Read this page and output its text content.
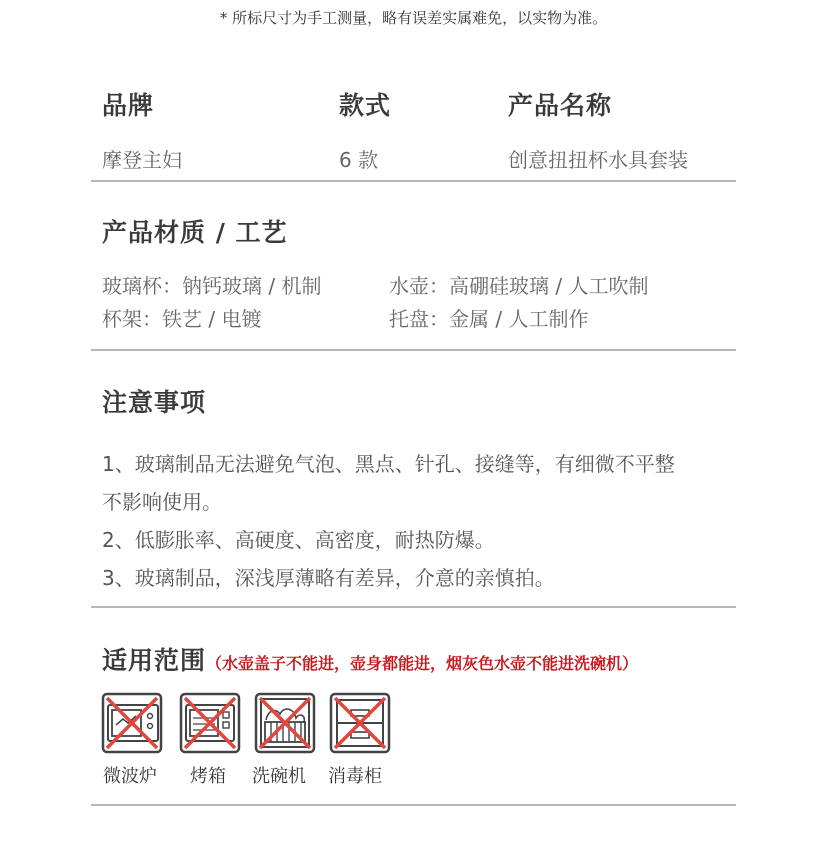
* 所标尺寸为手工测量，略有误差实属难免，以实物为准。
品牌
摩登主妇
款式
6 款
产品名称
创意扭扭杯水具套装
产品材质 / 工艺
玻璃杯：钠钙玻璃 / 机制	水壶：高硼硅玻璃 / 人工吹制
杯架：铁艺 / 电镀	托盘：金属 / 人工制作
注意事项
1、玻璃制品无法避免气泡、黑点、针孔、接缝等，有细微不平整
不影响使用。
2、低膨胀率、高硬度、高密度，耐热防爆。
3、玻璃制品，深浅厚薄略有差异，介意的亲慎拍。
适用范围（水壶盖子不能进，壶身都能进，烟灰色水壶不能进洗碗机）
微波炉 烤箱 洗碗机 消毒柜
